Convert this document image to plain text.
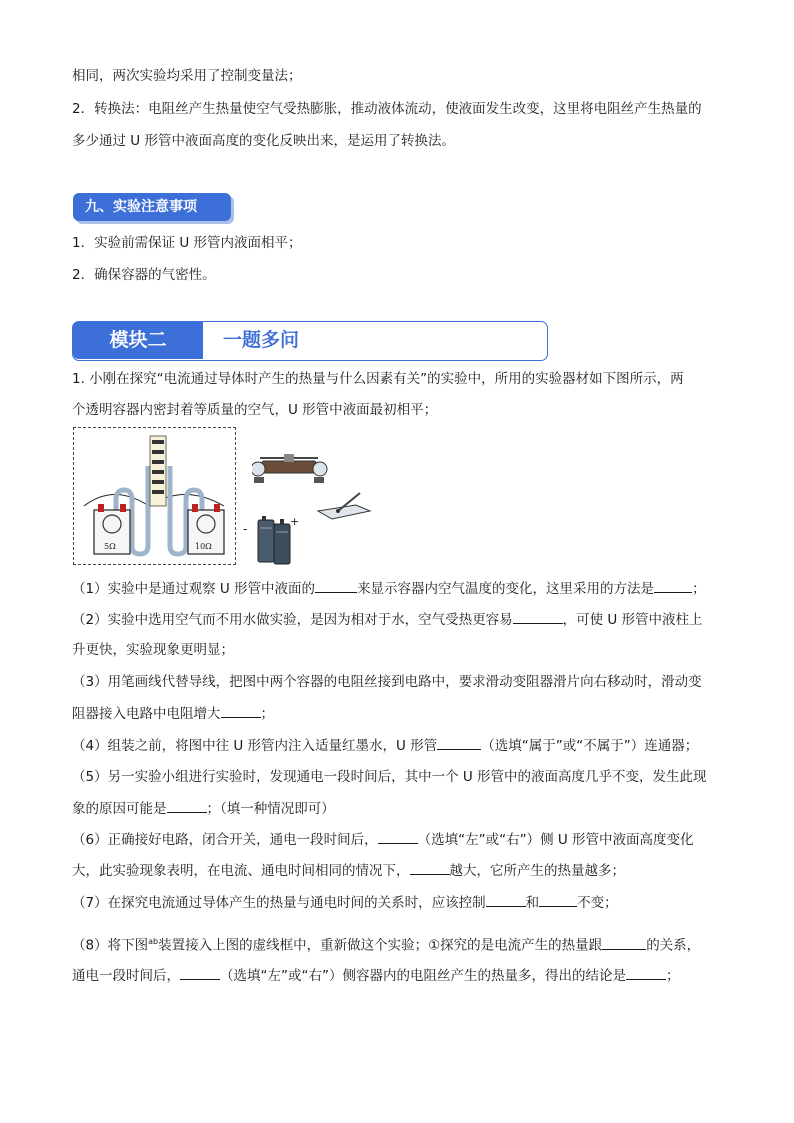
相同，两次实验均采用了控制变量法；
2．转换法：电阻丝产生热量使空气受热膨胀，推动液体流动，使液面发生改变，这里将电阻丝产生热量的
多少通过 U 形管中液面高度的变化反映出来，是运用了转换法。
九、实验注意事项
1．实验前需保证 U 形管内液面相平；
2．确保容器的气密性。
模块二	一题多问
1. 小刚在探究“电流通过导体时产生的热量与什么因素有关”的实验中，所用的实验器材如下图所示，两
个透明容器内密封着等质量的空气，U 形管中液面最初相平；
5Ω	10Ω
-
+
（1）实验中是通过观察 U 形管中液面的	来显示容器内空气温度的变化，这里采用的方法是	；
（2）实验中选用空气而不用水做实验，是因为相对于水，空气受热更容易	，可使 U 形管中液柱上
升更快，实验现象更明显；
（3）用笔画线代替导线，把图中两个容器的电阻丝接到电路中，要求滑动变阻器滑片向右移动时，滑动变
阻器接入电路中电阻增大	；
（4）组装之前，将图中往 U 形管内注入适量红墨水，U 形管	（选填“属于”或“不属于”）连通器；
（5）另一实验小组进行实验时，发现通电一段时间后，其中一个 U 形管中的液面高度几乎不变，发生此现
象的原因可能是	；（填一种情况即可）
（6）正确接好电路，闭合开关，通电一段时间后，	（选填“左”或“右”）侧 U 形管中液面高度变化
大，此实验现象表明，在电流、通电时间相同的情况下，	越大，它所产生的热量越多；
（7）在探究电流通过导体产生的热量与通电时间的关系时，应该控制	和	不变；
（8）将下图$^{ab}$装置接入上图的虚线框中，重新做这个实验；①探究的是电流产生的热量跟	的关系，
通电一段时间后，	（选填“左”或“右”）侧容器内的电阻丝产生的热量多，得出的结论是	；
